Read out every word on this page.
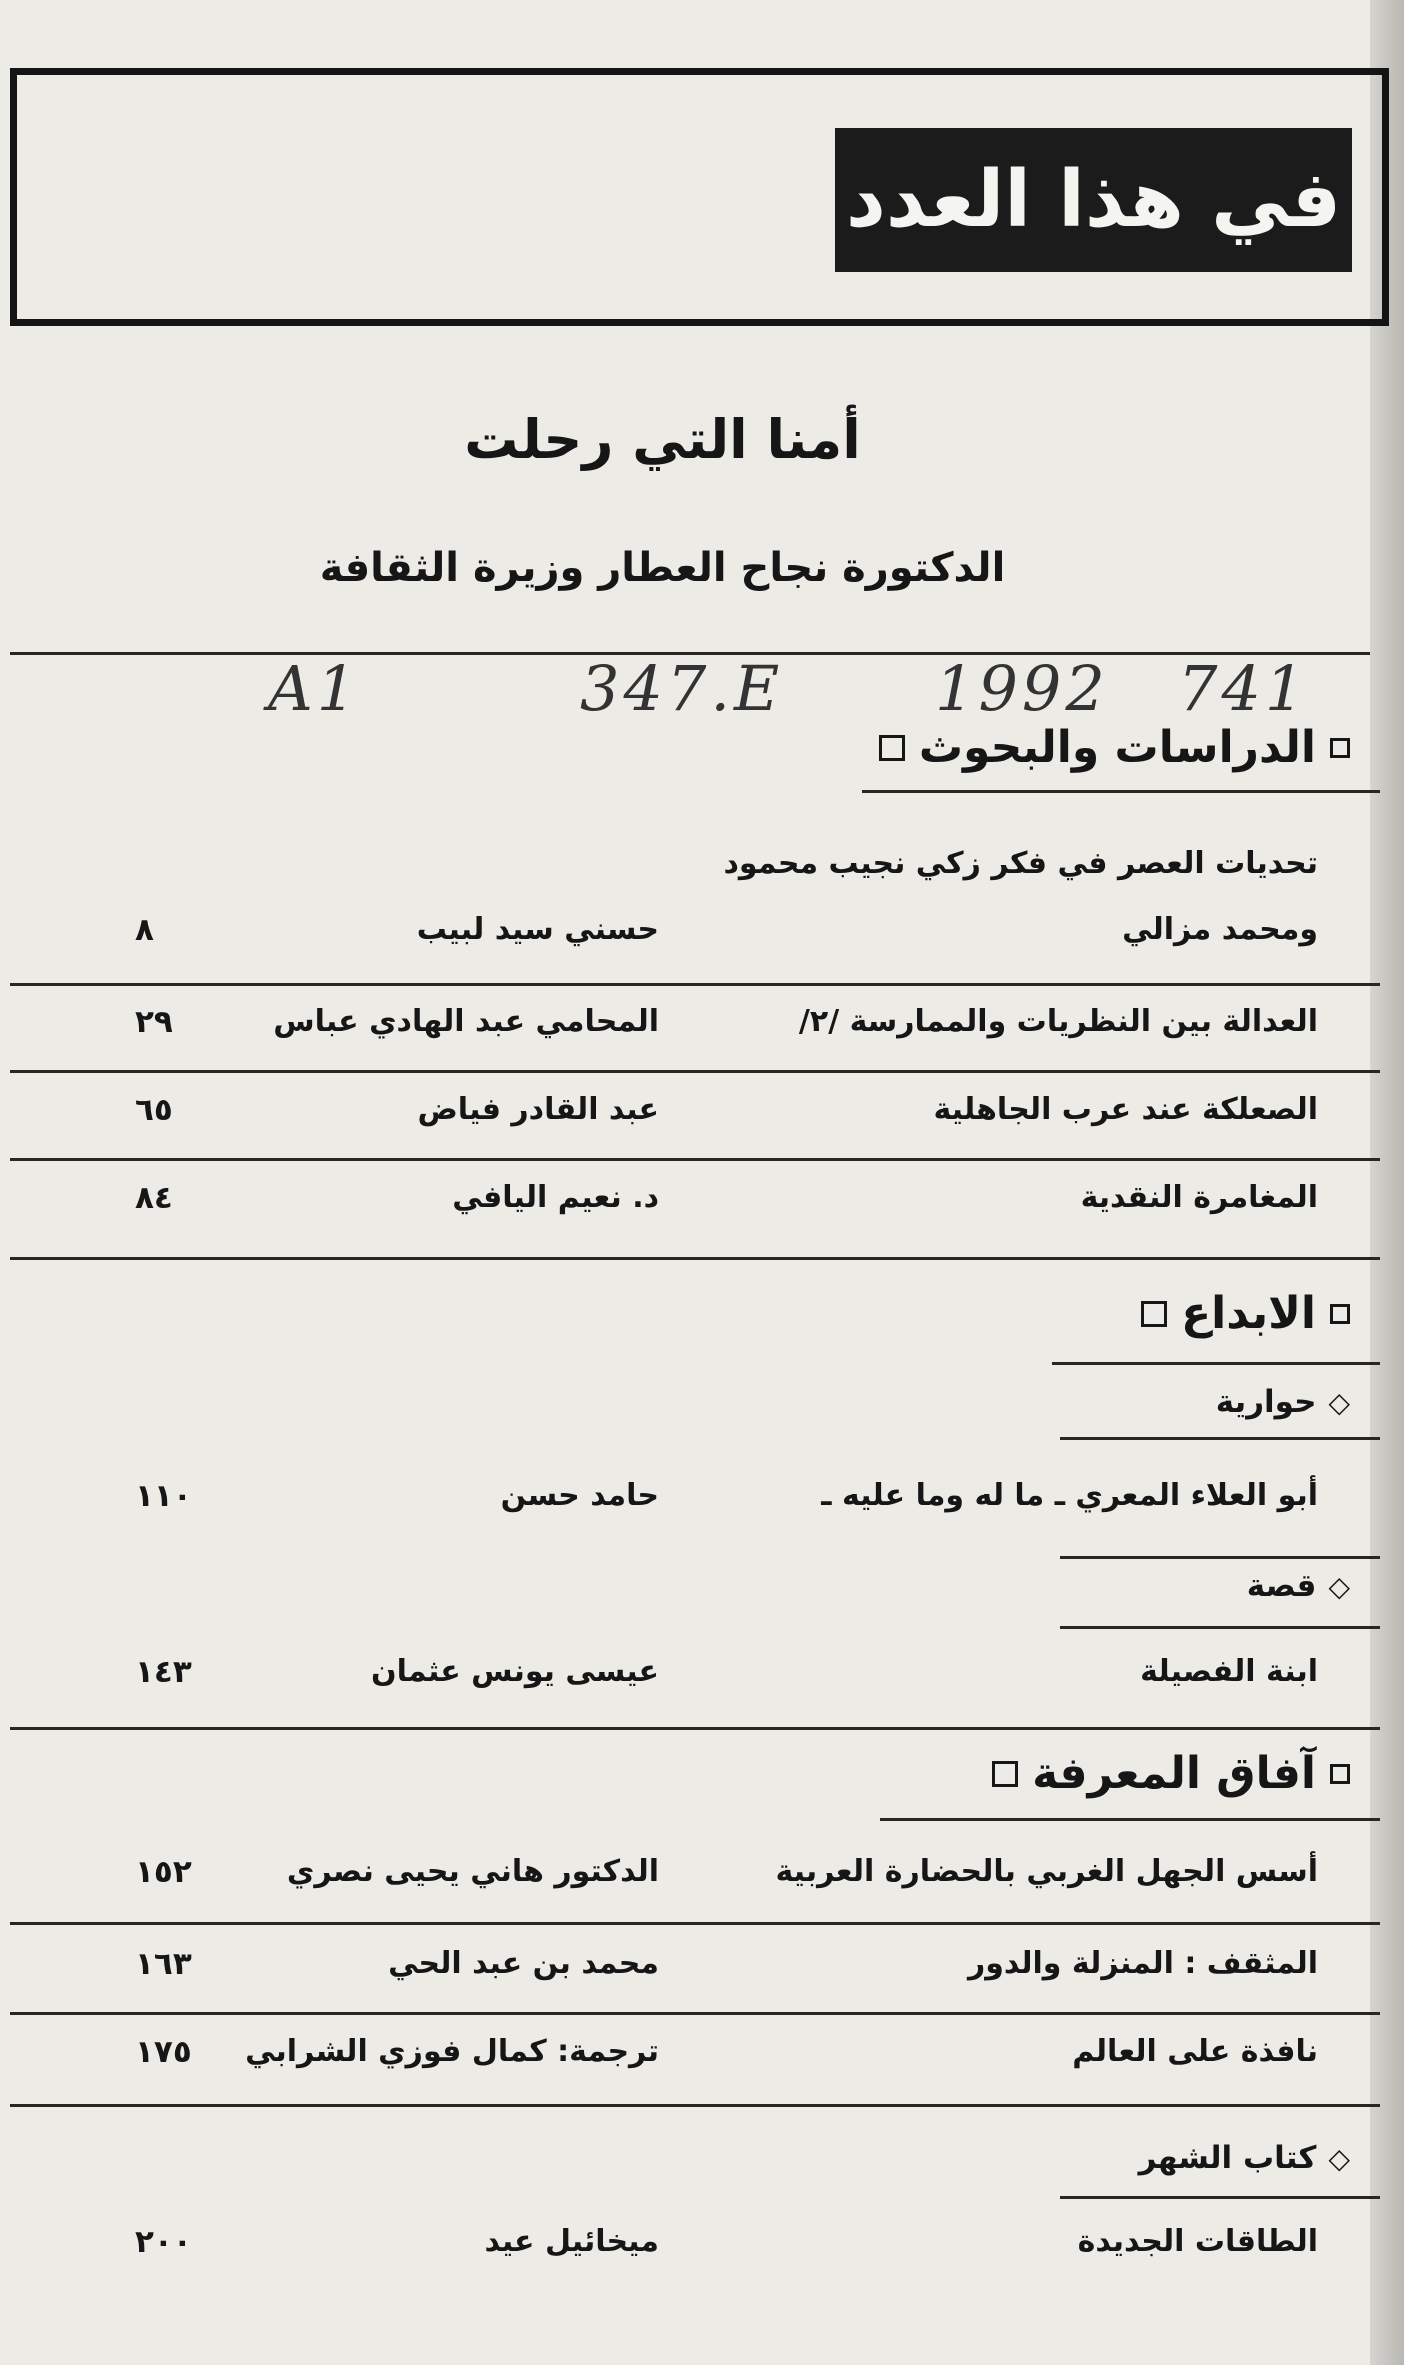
في هذا العدد
أمنا التي رحلت
الدكتورة نجاح العطار وزيرة الثقافة
A1	347.E 1992 741
الدراسات والبحوث
تحديات العصر في فكر زكي نجيب محمود
ومحمد مزالي
حسني سيد لبيب
٨
العدالة بين النظريات والممارسة /٢/
المحامي عبد الهادي عباس
٢٩
الصعلكة عند عرب الجاهلية
عبد القادر فياض
٦٥
المغامرة النقدية
د. نعيم اليافي
٨٤
الابداع
◇
حوارية
أبو العلاء المعري ـ ما له وما عليه ـ
حامد حسن
١١٠
◇
قصة
ابنة الفصيلة
عيسى يونس عثمان
١٤٣
آفاق المعرفة
أسس الجهل الغربي بالحضارة العربية
الدكتور هاني يحيى نصري
١٥٢
المثقف : المنزلة والدور
محمد بن عبد الحي
١٦٣
نافذة على العالم
ترجمة: كمال فوزي الشرابي
١٧٥
◇
كتاب الشهر
الطاقات الجديدة
ميخائيل عيد
٢٠٠
